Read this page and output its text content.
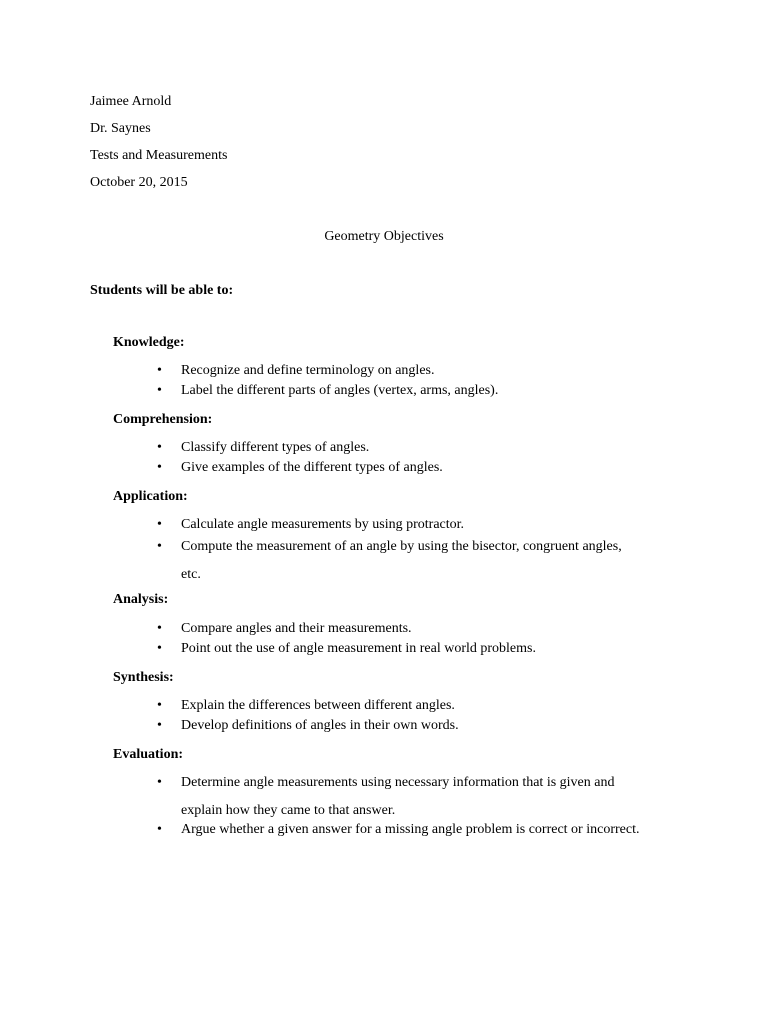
Jaimee Arnold
Dr. Saynes
Tests and Measurements
October 20, 2015
Geometry Objectives
Students will be able to:
Knowledge:
• Recognize and define terminology on angles.
• Label the different parts of angles (vertex, arms, angles).
Comprehension:
• Classify different types of angles.
• Give examples of the different types of angles.
Application:
• Calculate angle measurements by using protractor.
• Compute the measurement of an angle by using the bisector, congruent angles,
etc.
Analysis:
• Compare angles and their measurements.
• Point out the use of angle measurement in real world problems.
Synthesis:
• Explain the differences between different angles.
• Develop definitions of angles in their own words.
Evaluation:
• Determine angle measurements using necessary information that is given and
explain how they came to that answer.
• Argue whether a given answer for a missing angle problem is correct or incorrect.
